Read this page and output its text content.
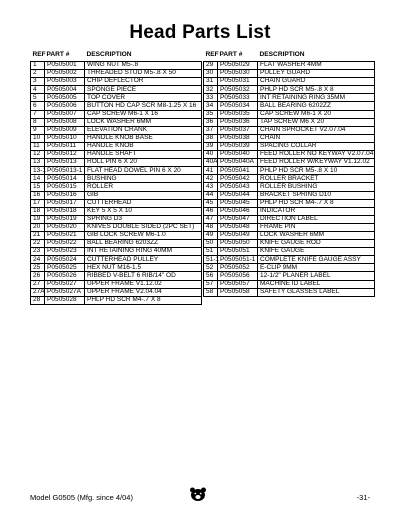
Head Parts List
REF	PART #	DESCRIPTION
1	P0505001	WING NUT M5-.8
2	P0505002	THREADED STUD M5-.8 X 50
3	P0505003	CHIP DEFLECTOR
4	P0505004	SPONGE PIECE
5	P0505005	TOP COVER
6	P0505006	BUTTON HD CAP SCR M8-1.25 X 16
7	P0505007	CAP SCREW M6-1 X 16
8	P0505008	LOCK WASHER 6MM
9	P0505009	ELEVATION CRANK
10	P0505010	HANDLE KNOB BASE
11	P0505011	HANDLE KNOB
12	P0505012	HANDLE SHAFT
13	P0505013	ROLL PIN 6 X 20
13-1	P0505013-1	FLAT HEAD DOWEL PIN 6 X 20
14	P0505014	BUSHING
15	P0505015	ROLLER
16	P0505016	GIB
17	P0505017	CUTTERHEAD
18	P0505018	KEY 5 X 5 X 10
19	P0505019	SPRING D3
20	P0505020	KNIVES DOUBLE SIDED (2PC SET)
21	P0505021	GIB LOCK SCREW M6-1.0
22	P0505022	BALL BEARING 6203ZZ
23	P0505023	INT RETAINING RING 40MM
24	P0505024	CUTTERHEAD PULLEY
25	P0505025	HEX NUT M16-1.5
26	P0505026	RIBBED V-BELT 6 RIB/14" OD
27	P0505027	UPPER FRAME V1.12.02
27A	P0505027A	UPPER FRAME V2.04.04
28	P0505028	PHLP HD SCR M4-.7 X 8
REF	PART #	DESCRIPTION
29	P0505029	FLAT WASHER 4MM
30	P0505030	PULLEY GUARD
31	P0505031	CHAIN GUARD
32	P0505032	PHLP HD SCR M5-.8 X 8
33	P0505033	INT RETAINING RING 35MM
34	P0505034	BALL BEARING 6202ZZ
35	P0505035	CAP SCREW M6-1 X 20
36	P0505036	TAP SCREW M6 X 20
37	P0505037	CHAIN SPROCKET V2.07.04
38	P0505038	CHAIN
39	P0505039	SPACING COLLAR
40	P0505040	FEED ROLLER NO KEYWAY V2.07.04
40A	P0505040A	FEED ROLLER W/KEYWAY V1.12.02
41	P0505041	PHLP HD SCR M5-.8 X 10
42	P0505042	ROLLER BRACKET
43	P0505043	ROLLER BUSHING
44	P0505044	BRACKET SPRING D10
45	P0505045	PHLP HD SCR M4-.7 X 8
46	P0505046	INDICATOR
47	P0505047	DIRECTION LABEL
48	P0505048	FRAME PIN
49	P0505049	LOCK WASHER 6MM
50	P0505050	KNIFE GAUGE ROD
51	P0505051	KNIFE GAUGE
51-1	P0505051-1	COMPLETE KNIFE GAUGE ASSY
52	P0505052	E-CLIP 9MM
56	P0505056	12-1/2" PLANER LABEL
57	P0505057	MACHINE ID LABEL
58	P0505058	SAFETY GLASSES LABEL
Model G0505 (Mfg. since 4/04)	-31-
